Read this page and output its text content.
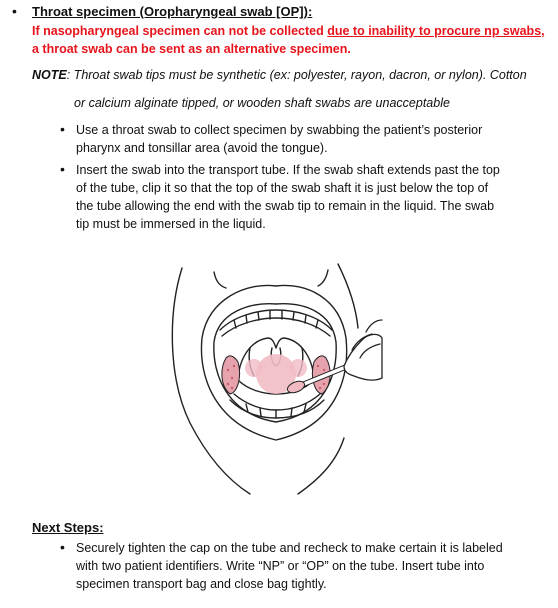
• Throat specimen (Oropharyngeal swab [OP]):
If nasopharyngeal specimen can not be collected due to inability to procure np swabs,
a throat swab can be sent as an alternative specimen.
NOTE: Throat swab tips must be synthetic (ex: polyester, rayon, dacron, or nylon). Cotton
or calcium alginate tipped, or wooden shaft swabs are unacceptable
• Use a throat swab to collect specimen by swabbing the patient’s posterior
pharynx and tonsillar area (avoid the tongue).
• Insert the swab into the transport tube. If the swab shaft extends past the top
of the tube, clip it so that the top of the swab shaft it is just below the top of
the tube allowing the end with the swab tip to remain in the liquid. The swab
tip must be immersed in the liquid.
Next Steps:
• Securely tighten the cap on the tube and recheck to make certain it is labeled
with two patient identifiers. Write “NP” or “OP” on the tube. Insert tube into
specimen transport bag and close bag tightly.
